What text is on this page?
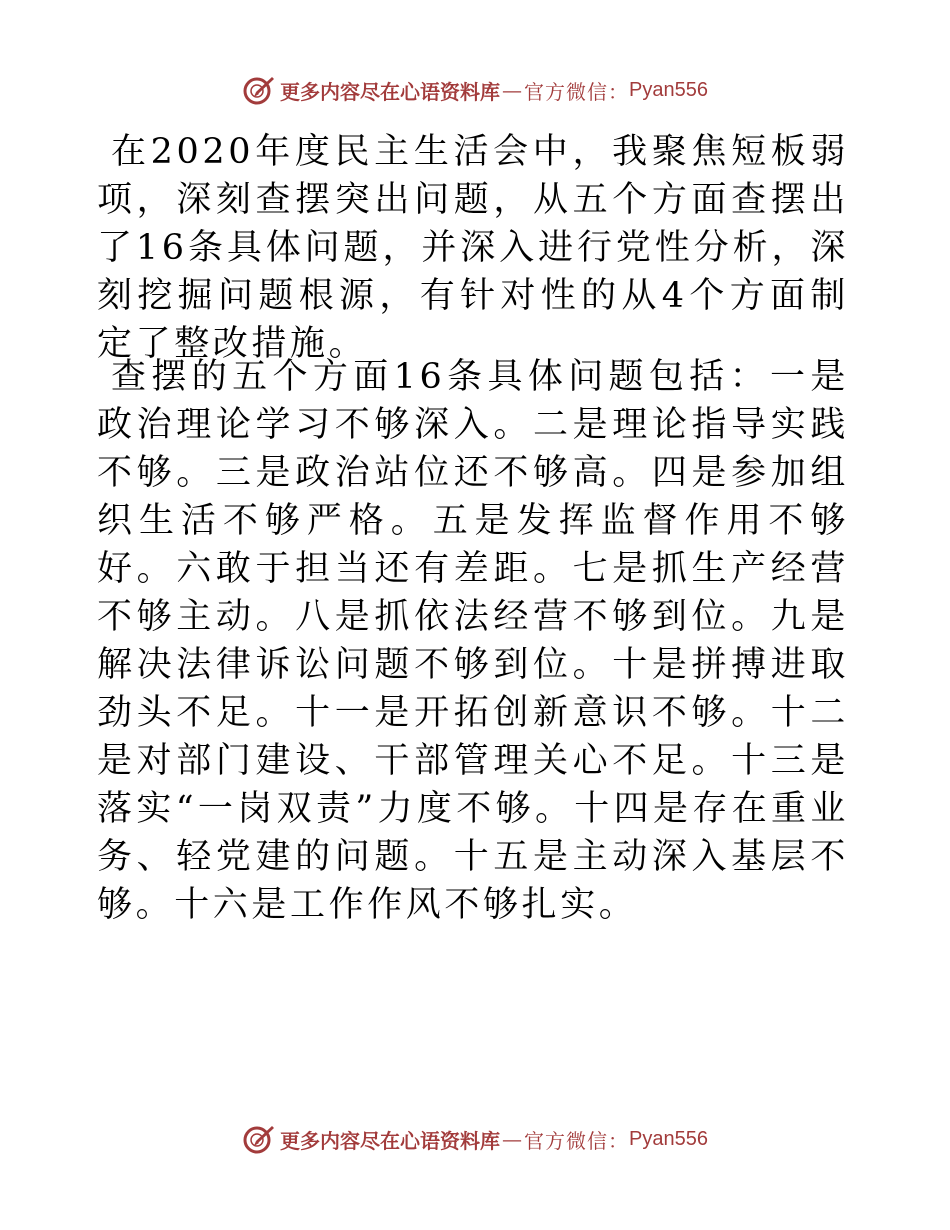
更多内容尽在心语资料库 — 官方微信： Pyan556

在2020年度民主生活会中，我聚焦短板弱项，深刻查摆突出问题，从五个方面查摆出了16条具体问题，并深入进行党性分析，深刻挖掘问题根源，有针对性的从4个方面制定了整改措施。

查摆的五个方面16条具体问题包括：一是政治理论学习不够深入。二是理论指导实践不够。三是政治站位还不够高。四是参加组织生活不够严格。五是发挥监督作用不够好。六敢于担当还有差距。七是抓生产经营不够主动。八是抓依法经营不够到位。九是解决法律诉讼问题不够到位。十是拼搏进取劲头不足。十一是开拓创新意识不够。十二是对部门建设、干部管理关心不足。十三是落实“一岗双责”力度不够。十四是存在重业务、轻党建的问题。十五是主动深入基层不够。十六是工作作风不够扎实。

更多内容尽在心语资料库 — 官方微信： Pyan556
